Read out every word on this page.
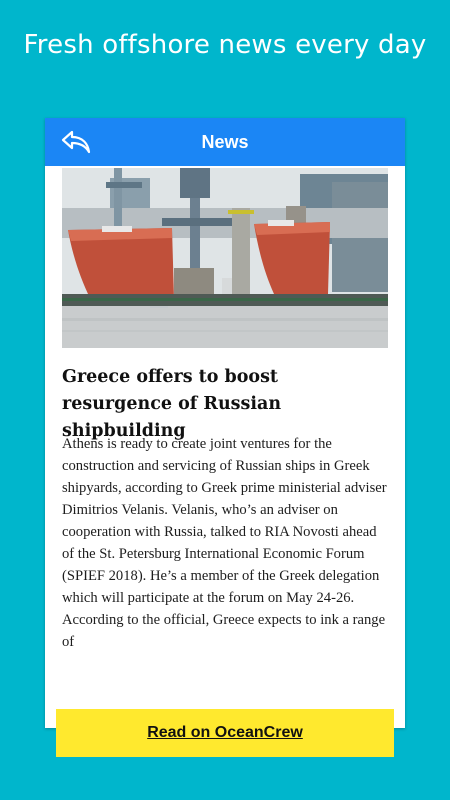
Fresh offshore news every day
News
Greece offers to boost resurgence of Russian shipbuilding

Athens is ready to create joint ventures for the construction and servicing of Russian ships in Greek shipyards, according to Greek prime ministerial adviser Dimitrios Velanis. Velanis, who’s an adviser on cooperation with Russia, talked to RIA Novosti ahead of the St. Petersburg International Economic Forum (SPIEF 2018). He’s a member of the Greek delegation which will participate at the forum on May 24-26. According to the official, Greece expects to ink a range of

Read on OceanCrew
